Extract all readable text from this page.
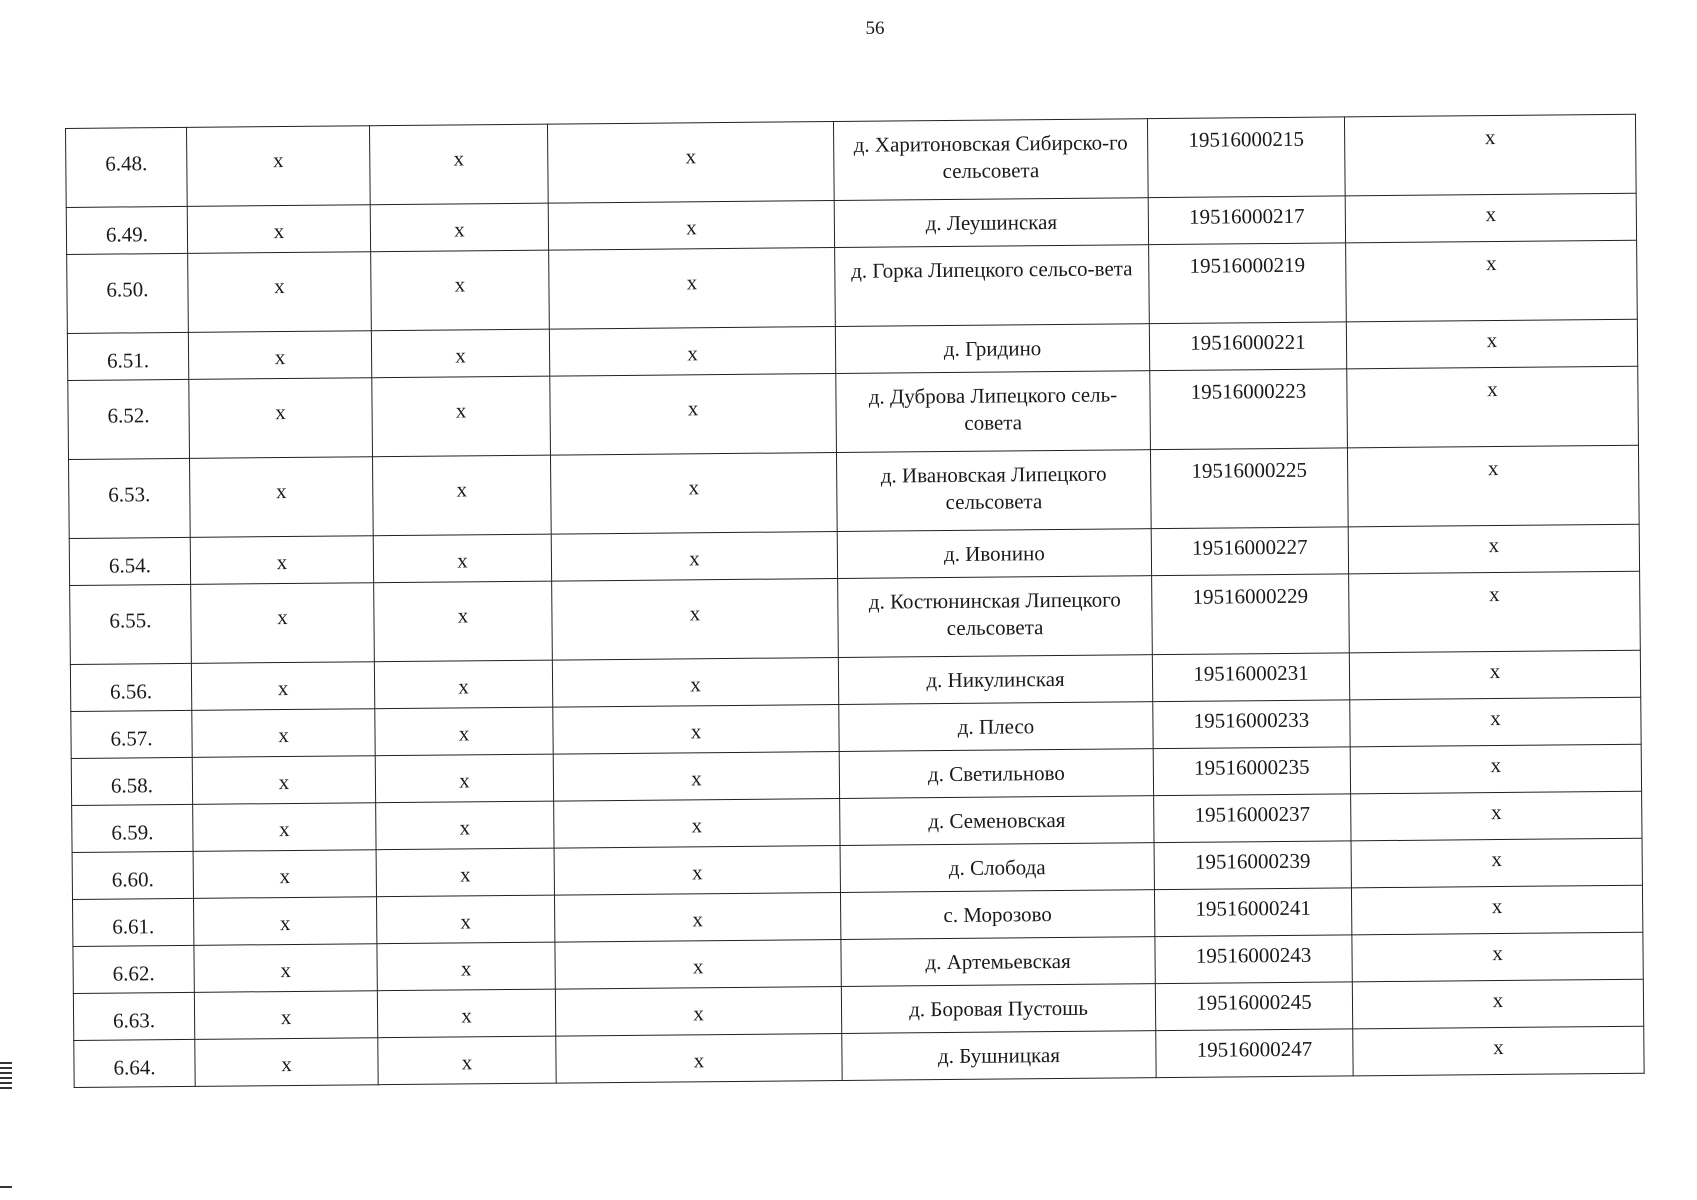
56
6.48.	x	x	x	д. Харитоновская Сибирско-го сельсовета	19516000215	x
6.49.	x	x	x	д. Леушинская	19516000217	x
6.50.	x	x	x	д. Горка Липецкого сельсо-вета	19516000219	x
6.51.	x	x	x	д. Гридино	19516000221	x
6.52.	x	x	x	д. Дуброва Липецкого сель-совета	19516000223	x
6.53.	x	x	x	д. Ивановская Липецкого сельсовета	19516000225	x
6.54.	x	x	x	д. Ивонино	19516000227	x
6.55.	x	x	x	д. Костюнинская Липецкого сельсовета	19516000229	x
6.56.	x	x	x	д. Никулинская	19516000231	x
6.57.	x	x	x	д. Плесо	19516000233	x
6.58.	x	x	x	д. Светильново	19516000235	x
6.59.	x	x	x	д. Семеновская	19516000237	x
6.60.	x	x	x	д. Слобода	19516000239	x
6.61.	x	x	x	с. Морозово	19516000241	x
6.62.	x	x	x	д. Артемьевская	19516000243	x
6.63.	x	x	x	д. Боровая Пустошь	19516000245	x
6.64.	x	x	x	д. Бушницкая	19516000247	x
